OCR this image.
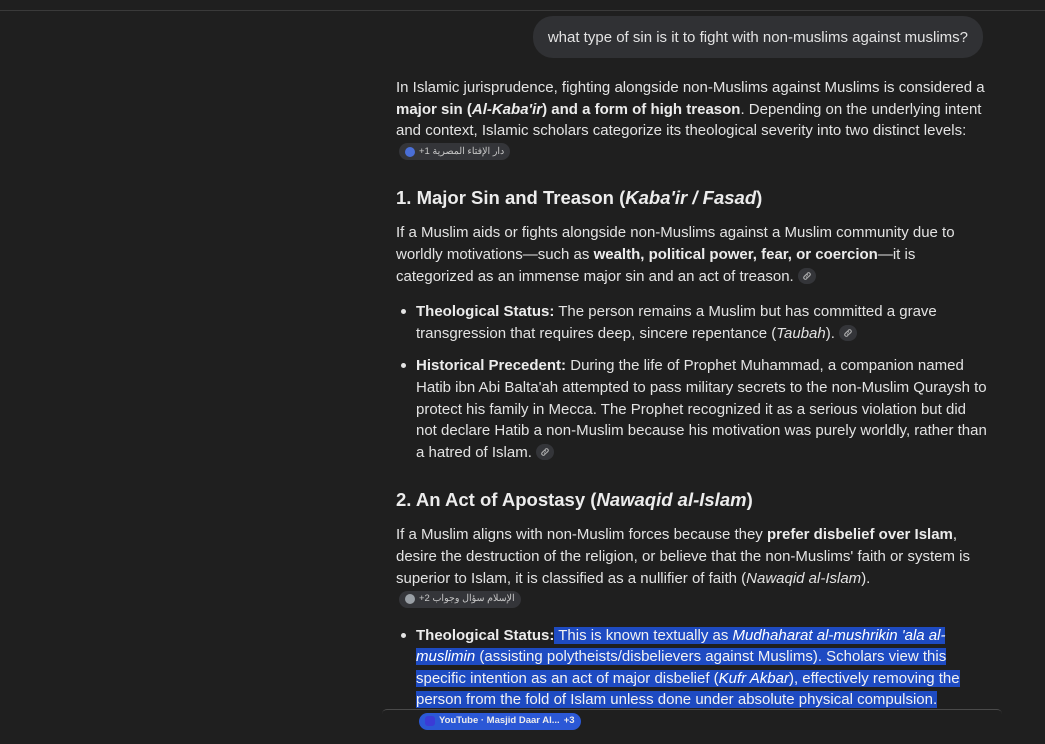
what type of sin is it to fight with non-muslims against muslims?

In Islamic jurisprudence, fighting alongside non-Muslims against Muslims is considered a major sin (Al-Kaba'ir) and a form of high treason. Depending on the underlying intent and context, Islamic scholars categorize its theological severity into two distinct levels:
+1 دار الإفتاء المصرية

1. Major Sin and Treason (Kaba'ir / Fasad)

If a Muslim aids or fights alongside non-Muslims against a Muslim community due to worldly motivations—such as wealth, political power, fear, or coercion—it is categorized as an immense major sin and an act of treason.

Theological Status: The person remains a Muslim but has committed a grave transgression that requires deep, sincere repentance (Taubah).
Historical Precedent: During the life of Prophet Muhammad, a companion named Hatib ibn Abi Balta'ah attempted to pass military secrets to the non-Muslim Quraysh to protect his family in Mecca. The Prophet recognized it as a serious violation but did not declare Hatib a non-Muslim because his motivation was purely worldly, rather than a hatred of Islam.
2. An Act of Apostasy (Nawaqid al-Islam)

If a Muslim aligns with non-Muslim forces because they prefer disbelief over Islam, desire the destruction of the religion, or believe that the non-Muslims' faith or system is superior to Islam, it is classified as a nullifier of faith (Nawaqid al-Islam).
+2 الإسلام سؤال وجواب

Theological Status: This is known textually as Mudhaharat al-mushrikin 'ala al-muslimin (assisting polytheists/disbelievers against Muslims). Scholars view this specific intention as an act of major disbelief (Kufr Akbar), effectively removing the person from the fold of Islam unless done under absolute physical compulsion.
YouTube · Masjid Daar Al... +3
